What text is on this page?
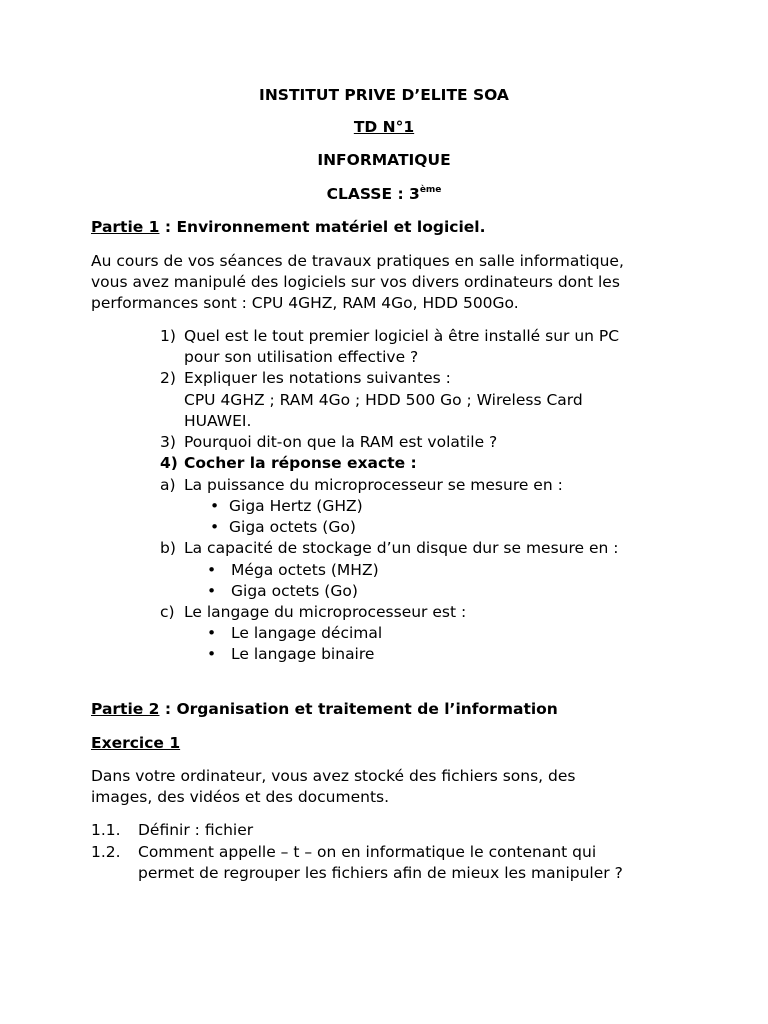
INSTITUT PRIVE D’ELITE SOA
TD N°1
INFORMATIQUE
CLASSE : 3ème
Partie 1 : Environnement matériel et logiciel.
Au cours de vos séances de travaux pratiques en salle informatique,
vous avez manipulé des logiciels sur vos divers ordinateurs dont les
performances sont : CPU 4GHZ, RAM 4Go, HDD 500Go.
1) Quel est le tout premier logiciel à être installé sur un PC
pour son utilisation effective ?
2) Expliquer les notations suivantes :
CPU 4GHZ ; RAM 4Go ; HDD 500 Go ; Wireless Card
HUAWEI.
3) Pourquoi dit-on que la RAM est volatile ?
4) Cocher la réponse exacte :
a) La puissance du microprocesseur se mesure en :
• Giga Hertz (GHZ)
• Giga octets (Go)
b) La capacité de stockage d’un disque dur se mesure en :
• Méga octets (MHZ)
• Giga octets (Go)
c) Le langage du microprocesseur est :
• Le langage décimal
• Le langage binaire
Partie 2 : Organisation et traitement de l’information
Exercice 1
Dans votre ordinateur, vous avez stocké des fichiers sons, des
images, des vidéos et des documents.
1.1. Définir : fichier
1.2. Comment appelle – t – on en informatique le contenant qui
permet de regrouper les fichiers afin de mieux les manipuler ?
